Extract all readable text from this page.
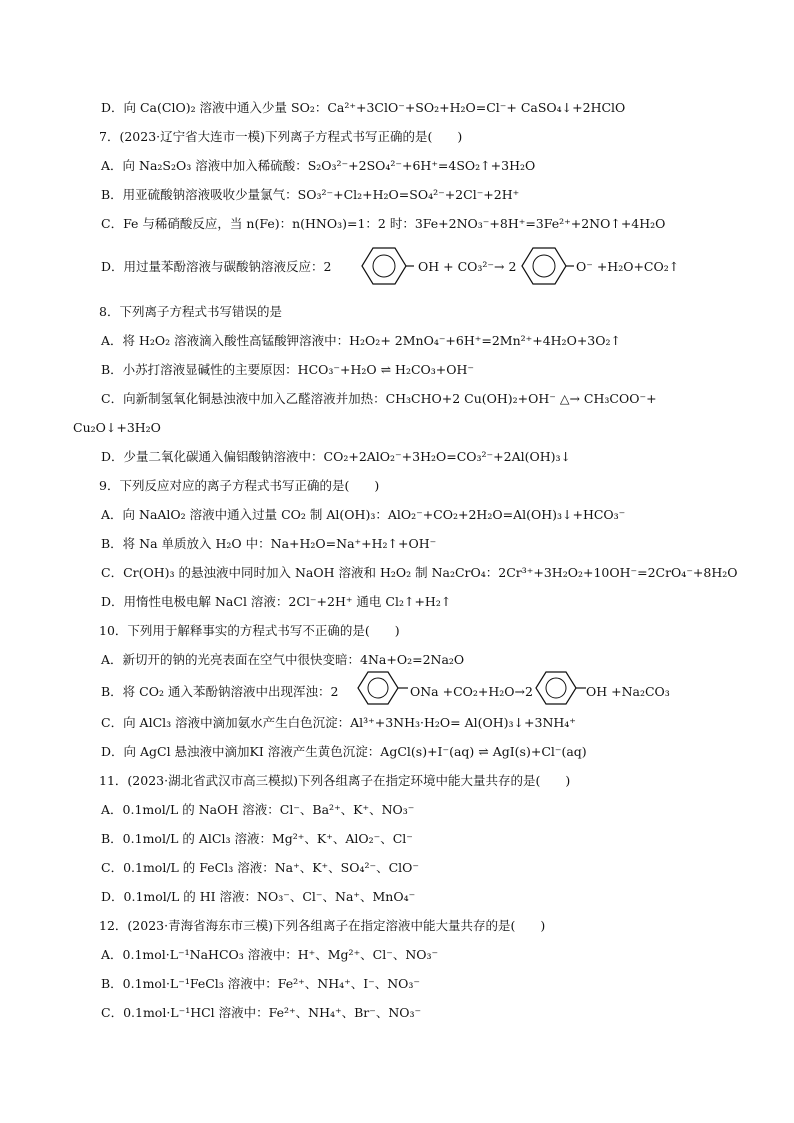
D．向 Ca(ClO)₂ 溶液中通入少量 SO₂：Ca²⁺+3ClO⁻+SO₂+H₂O=Cl⁻+ CaSO₄↓+2HClO
7．(2023·辽宁省大连市一模)下列离子方程式书写正确的是(　　)
A．向 Na₂S₂O₃ 溶液中加入稀硫酸：S₂O₃²⁻+2SO₄²⁻+6H⁺=4SO₂↑+3H₂O
B．用亚硫酸钠溶液吸收少量氯气：SO₃²⁻+Cl₂+H₂O=SO₄²⁻+2Cl⁻+2H⁺
C．Fe 与稀硝酸反应，当 n(Fe)：n(HNO₃)=1：2 时：3Fe+2NO₃⁻+8H⁺=3Fe²⁺+2NO↑+4H₂O
D．用过量苯酚溶液与碳酸钠溶液反应：2	OH + CO₃²⁻→ 2	O⁻ +H₂O+CO₂↑
8．下列离子方程式书写错误的是
A．将 H₂O₂ 溶液滴入酸性高锰酸钾溶液中：H₂O₂+ 2MnO₄⁻+6H⁺=2Mn²⁺+4H₂O+3O₂↑
B．小苏打溶液显碱性的主要原因：HCO₃⁻+H₂O ⇌ H₂CO₃+OH⁻
C．向新制氢氧化铜悬浊液中加入乙醛溶液并加热：CH₃CHO+2 Cu(OH)₂+OH⁻ △→ CH₃COO⁻+
Cu₂O↓+3H₂O
D．少量二氧化碳通入偏铝酸钠溶液中：CO₂+2AlO₂⁻+3H₂O=CO₃²⁻+2Al(OH)₃↓
9．下列反应对应的离子方程式书写正确的是(　　)
A．向 NaAlO₂ 溶液中通入过量 CO₂ 制 Al(OH)₃：AlO₂⁻+CO₂+2H₂O=Al(OH)₃↓+HCO₃⁻
B．将 Na 单质放入 H₂O 中：Na+H₂O=Na⁺+H₂↑+OH⁻
C．Cr(OH)₃ 的悬浊液中同时加入 NaOH 溶液和 H₂O₂ 制 Na₂CrO₄：2Cr³⁺+3H₂O₂+10OH⁻=2CrO₄⁻+8H₂O
D．用惰性电极电解 NaCl 溶液：2Cl⁻+2H⁺ 通电 Cl₂↑+H₂↑
10．下列用于解释事实的方程式书写不正确的是(　　)
A．新切开的钠的光亮表面在空气中很快变暗：4Na+O₂=2Na₂O
B．将 CO₂ 通入苯酚钠溶液中出现浑浊：2	ONa +CO₂+H₂O→2	OH +Na₂CO₃
C．向 AlCl₃ 溶液中滴加氨水产生白色沉淀：Al³⁺+3NH₃·H₂O= Al(OH)₃↓+3NH₄⁺
D．向 AgCl 悬浊液中滴加KI 溶液产生黄色沉淀：AgCl(s)+I⁻(aq) ⇌ AgI(s)+Cl⁻(aq)
11．(2023·湖北省武汉市高三模拟)下列各组离子在指定环境中能大量共存的是(　　)
A．0.1mol/L 的 NaOH 溶液：Cl⁻、Ba²⁺、K⁺、NO₃⁻
B．0.1mol/L 的 AlCl₃ 溶液：Mg²⁺、K⁺、AlO₂⁻、Cl⁻
C．0.1mol/L 的 FeCl₃ 溶液：Na⁺、K⁺、SO₄²⁻、ClO⁻
D．0.1mol/L 的 HI 溶液：NO₃⁻、Cl⁻、Na⁺、MnO₄⁻
12．(2023·青海省海东市三模)下列各组离子在指定溶液中能大量共存的是(　　)
A．0.1mol·L⁻¹NaHCO₃ 溶液中：H⁺、Mg²⁺、Cl⁻、NO₃⁻
B．0.1mol·L⁻¹FeCl₃ 溶液中：Fe²⁺、NH₄⁺、I⁻、NO₃⁻
C．0.1mol·L⁻¹HCl 溶液中：Fe²⁺、NH₄⁺、Br⁻、NO₃⁻
